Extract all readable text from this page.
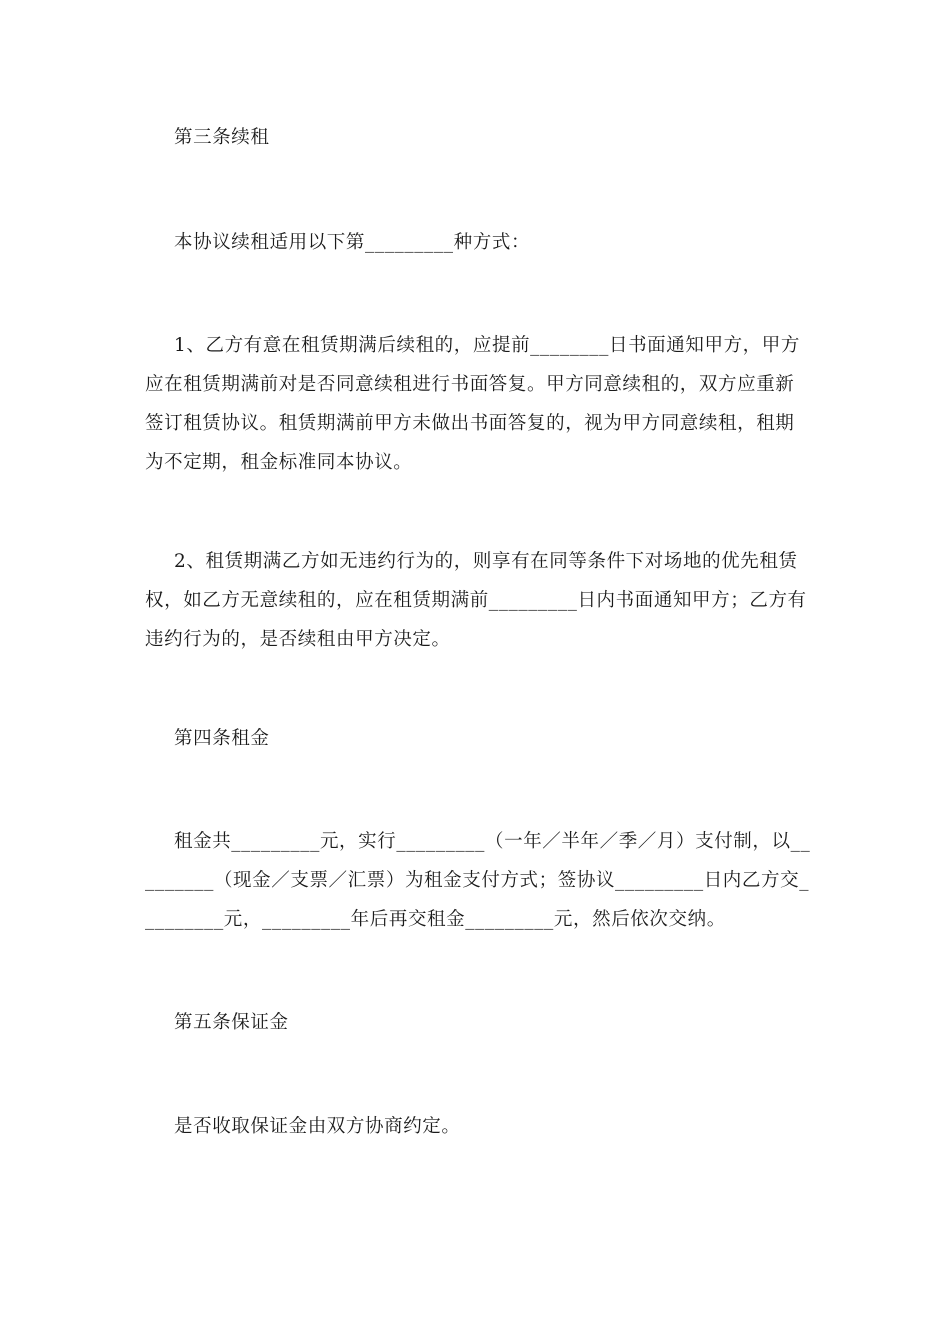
第三条续租

本协议续租适用以下第_________种方式：

1、乙方有意在租赁期满后续租的，应提前________日书面通知甲方，甲方
应在租赁期满前对是否同意续租进行书面答复。甲方同意续租的，双方应重新
签订租赁协议。租赁期满前甲方未做出书面答复的，视为甲方同意续租，租期
为不定期，租金标准同本协议。
2、租赁期满乙方如无违约行为的，则享有在同等条件下对场地的优先租赁
权，如乙方无意续租的，应在租赁期满前_________日内书面通知甲方；乙方有
违约行为的，是否续租由甲方决定。

第四条租金

租金共_________元，实行_________（一年／半年／季／月）支付制，以__
_______（现金／支票／汇票）为租金支付方式；签协议_________日内乙方交_
________元，_________年后再交租金_________元，然后依次交纳。

第五条保证金

是否收取保证金由双方协商约定。
